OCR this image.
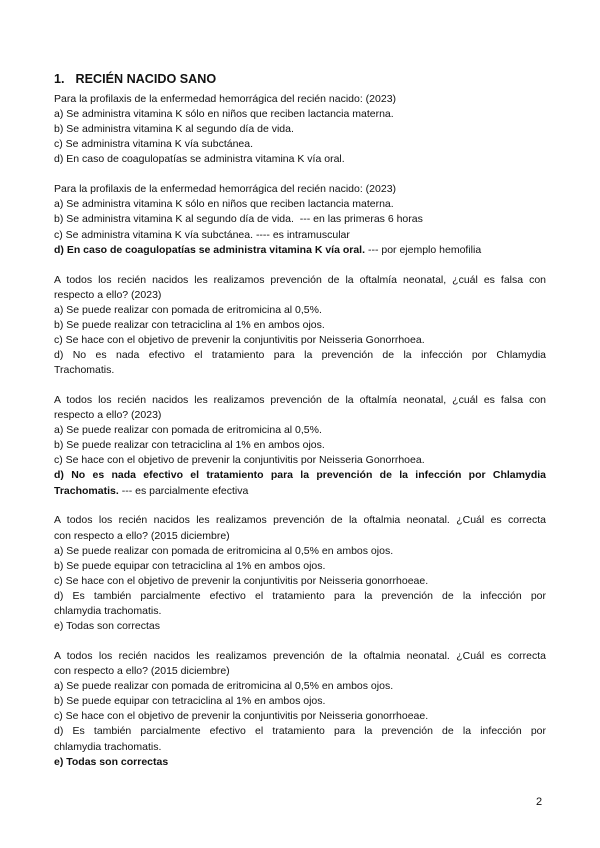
1. RECIÉN NACIDO SANO
Para la profilaxis de la enfermedad hemorrágica del recién nacido: (2023)
a) Se administra vitamina K sólo en niños que reciben lactancia materna.
b) Se administra vitamina K al segundo día de vida.
c) Se administra vitamina K vía subctánea.
d) En caso de coagulopatías se administra vitamina K vía oral.
Para la profilaxis de la enfermedad hemorrágica del recién nacido: (2023)
a) Se administra vitamina K sólo en niños que reciben lactancia materna.
b) Se administra vitamina K al segundo día de vida. --- en las primeras 6 horas
c) Se administra vitamina K vía subctánea. ---- es intramuscular
d) En caso de coagulopatías se administra vitamina K vía oral. --- por ejemplo hemofilia
A todos los recién nacidos les realizamos prevención de la oftalmía neonatal, ¿cuál es falsa con
respecto a ello? (2023)
a) Se puede realizar con pomada de eritromicina al 0,5%.
b) Se puede realizar con tetraciclina al 1% en ambos ojos.
c) Se hace con el objetivo de prevenir la conjuntivitis por Neisseria Gonorrhoea.
d) No es nada efectivo el tratamiento para la prevención de la infección por Chlamydia
Trachomatis.
A todos los recién nacidos les realizamos prevención de la oftalmía neonatal, ¿cuál es falsa con
respecto a ello? (2023)
a) Se puede realizar con pomada de eritromicina al 0,5%.
b) Se puede realizar con tetraciclina al 1% en ambos ojos.
c) Se hace con el objetivo de prevenir la conjuntivitis por Neisseria Gonorrhoea.
d) No es nada efectivo el tratamiento para la prevención de la infección por Chlamydia
Trachomatis. --- es parcialmente efectiva
A todos los recién nacidos les realizamos prevención de la oftalmia neonatal. ¿Cuál es correcta
con respecto a ello? (2015 diciembre)
a) Se puede realizar con pomada de eritromicina al 0,5% en ambos ojos.
b) Se puede equipar con tetraciclina al 1% en ambos ojos.
c) Se hace con el objetivo de prevenir la conjuntivitis por Neisseria gonorrhoeae.
d) Es también parcialmente efectivo el tratamiento para la prevención de la infección por
chlamydia trachomatis.
e) Todas son correctas
A todos los recién nacidos les realizamos prevención de la oftalmia neonatal. ¿Cuál es correcta
con respecto a ello? (2015 diciembre)
a) Se puede realizar con pomada de eritromicina al 0,5% en ambos ojos.
b) Se puede equipar con tetraciclina al 1% en ambos ojos.
c) Se hace con el objetivo de prevenir la conjuntivitis por Neisseria gonorrhoeae.
d) Es también parcialmente efectivo el tratamiento para la prevención de la infección por
chlamydia trachomatis.
e) Todas son correctas
2
